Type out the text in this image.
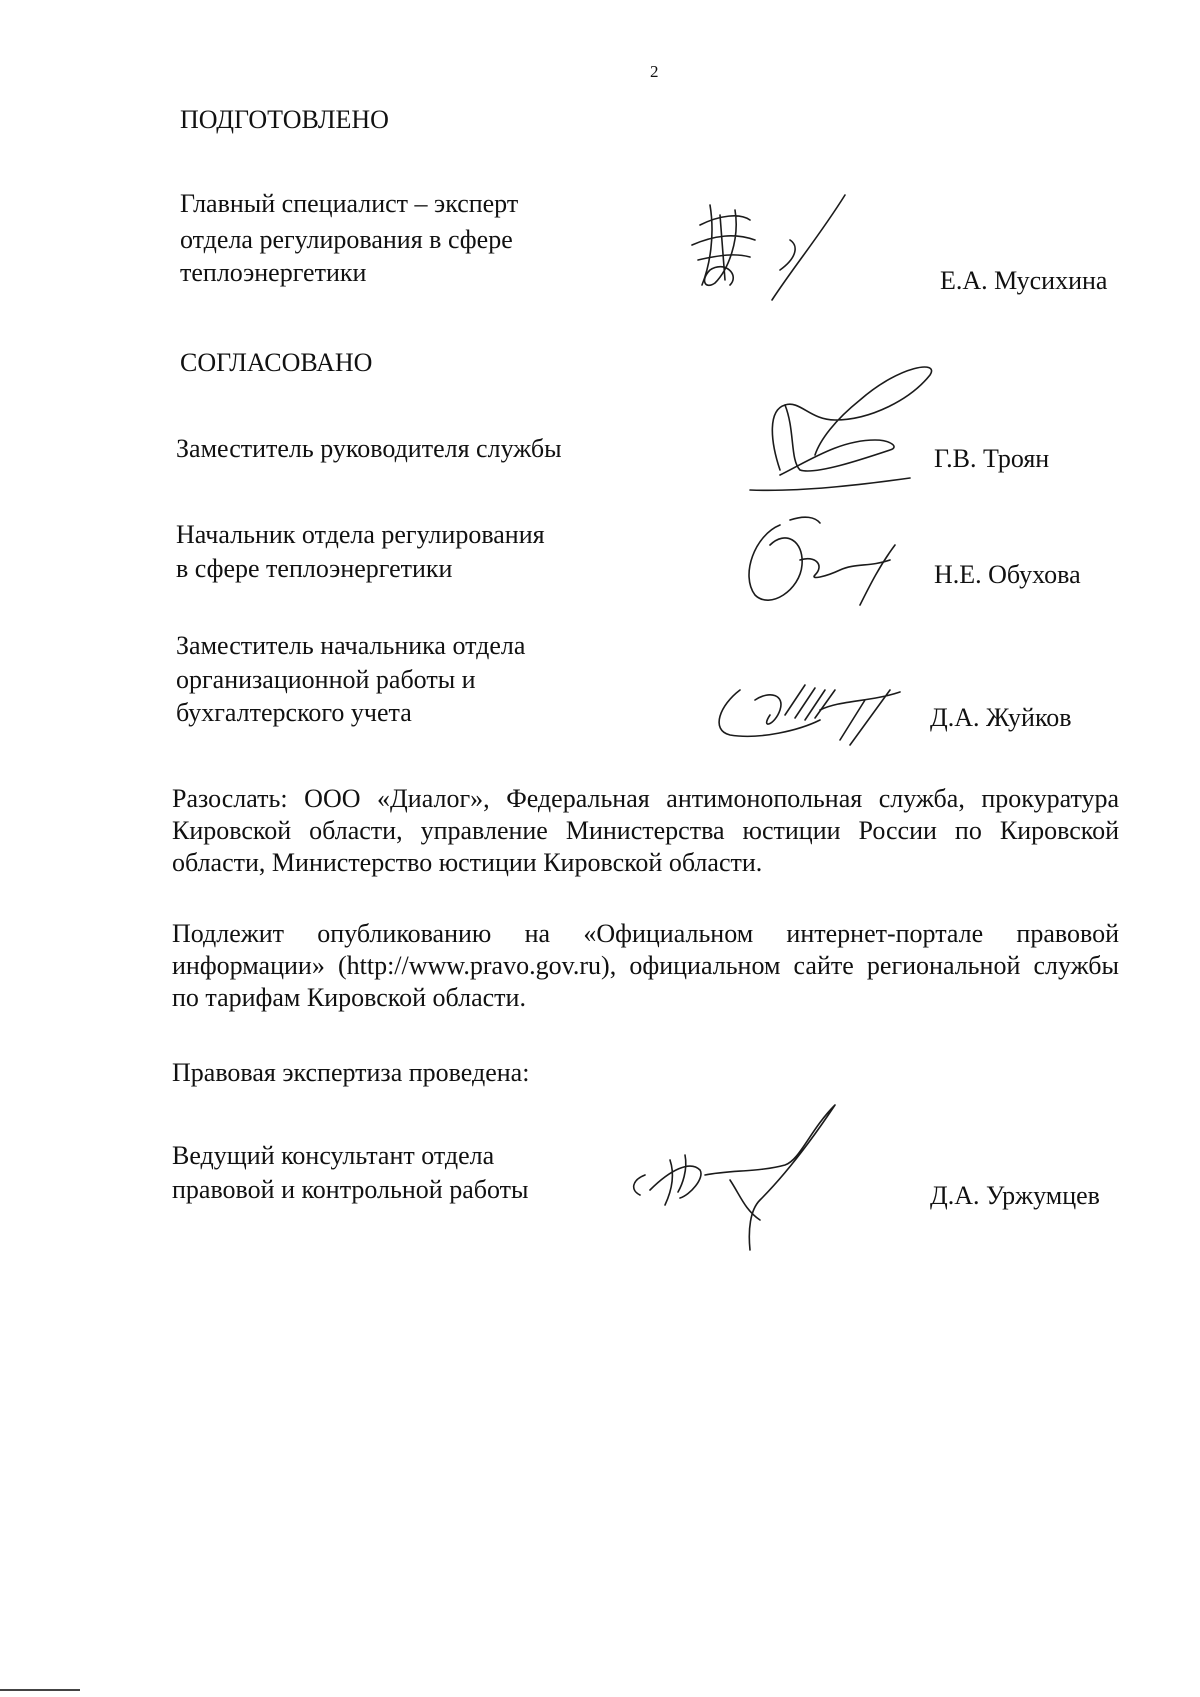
2
ПОДГОТОВЛЕНО
Главный специалист – эксперт
отдела регулирования в сфере
теплоэнергетики	Е.А. Мусихина
СОГЛАСОВАНО
Заместитель руководителя службы	Г.В. Троян
Начальник отдела регулирования
в сфере теплоэнергетики	Н.Е. Обухова
Заместитель начальника отдела
организационной работы и
бухгалтерского учета	Д.А. Жуйков
Разослать: ООО «Диалог», Федеральная антимонопольная служба, прокуратура Кировской области, управление Министерства юстиции России по Кировской области, Министерство юстиции Кировской области.
Подлежит опубликованию на «Официальном интернет-портале правовой информации» (http://www.pravo.gov.ru), официальном сайте региональной службы по тарифам Кировской области.
Правовая экспертиза проведена:
Ведущий консультант отдела
правовой и контрольной работы	Д.А. Уржумцев
